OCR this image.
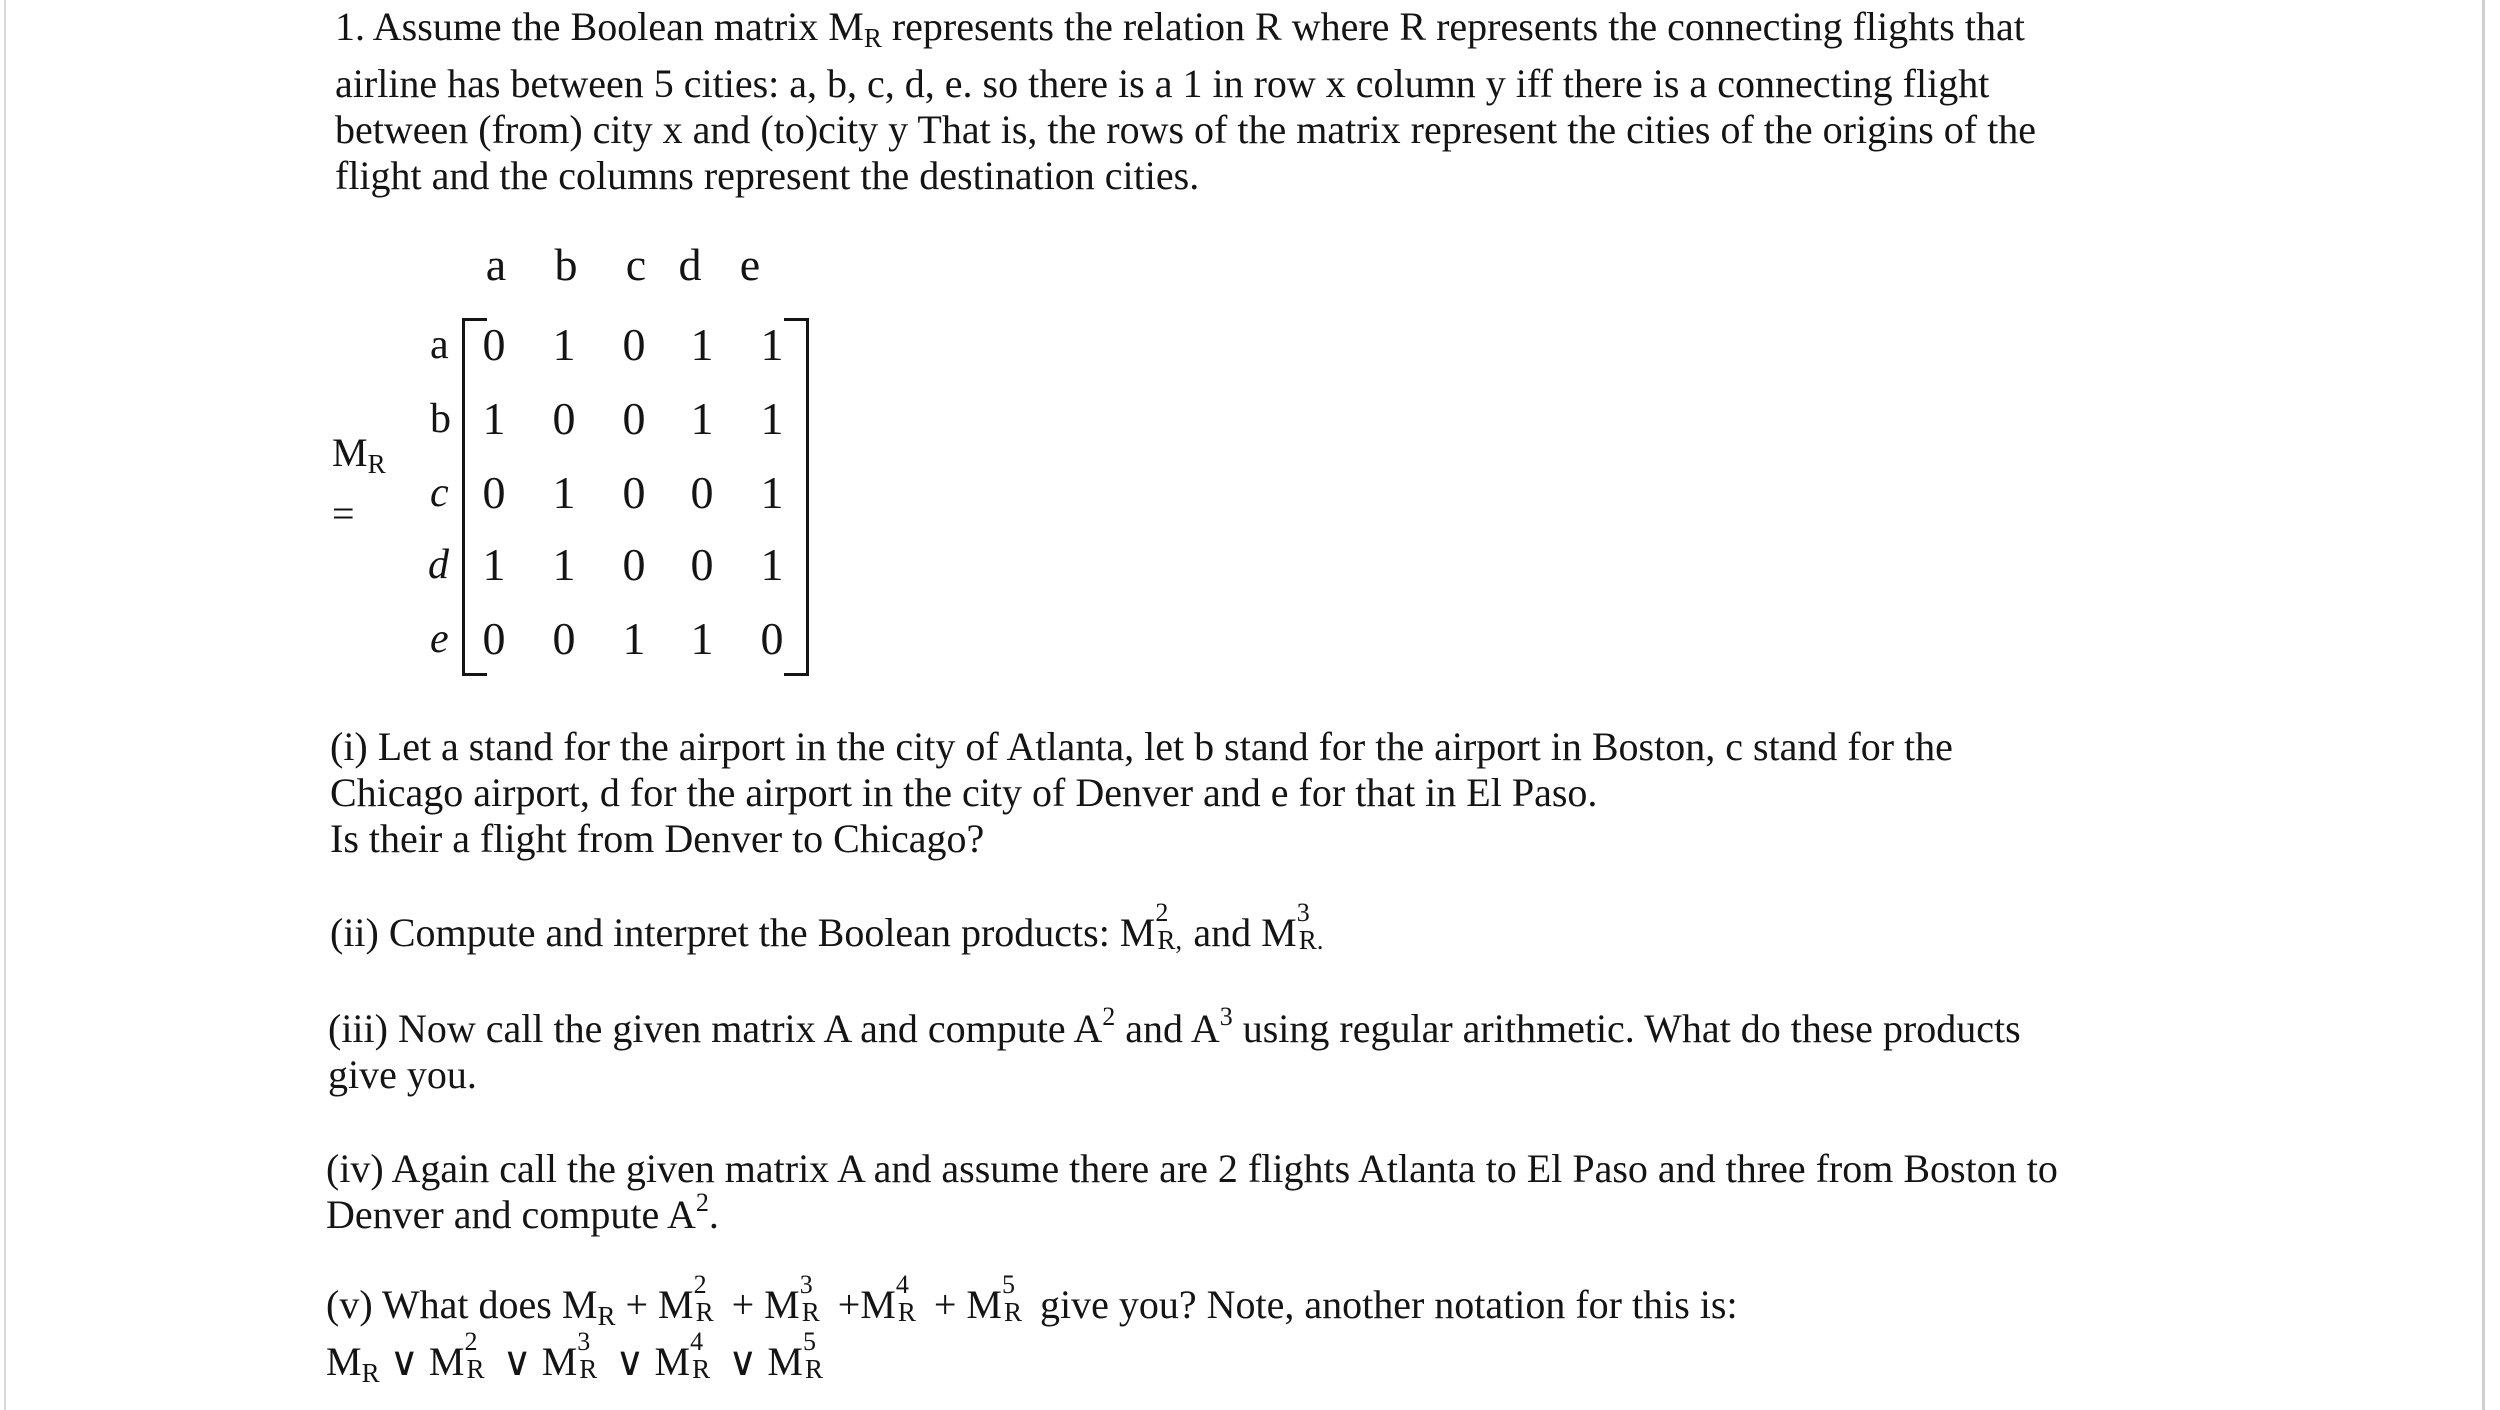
1. Assume the Boolean matrix $M_R$ represents the relation R where R represents the connecting flights that
airline has between 5 cities: a, b, c, d, e. so there is a 1 in row x column y iff there is a connecting flight
between (from) city x and (to)city y That is, the rows of the matrix represent the cities of the origins of the
flight and the columns represent the destination cities.

$M_R$ =
a b c d e
a
b
c
d
e
0 1 0 1 1
1 0 0 1 1
0 1 0 0 1
1 1 0 0 1
0 0 1 1 0

(i) Let a stand for the airport in the city of Atlanta, let b stand for the airport in Boston, c stand for the
Chicago airport, d for the airport in the city of Denver and e for that in El Paso.
Is their a flight from Denver to Chicago?

(ii) Compute and interpret the Boolean products: M 2
R, and M 3
R.

(iii) Now call the given matrix A and compute $A^2$ and $A^3$ using regular arithmetic. What do these products
give you.

(iv) Again call the given matrix A and assume there are 2 flights Atlanta to El Paso and three from Boston to
Denver and compute $A^2$.

(v) What does $M_R + M$ 2
R + M 3
R +M 4
R + M 5
R give you? Note, another notation for this is:
$M_R$ ∨ M 2
R ∨ M 3
R ∨ M 4
R ∨ M 5
R
